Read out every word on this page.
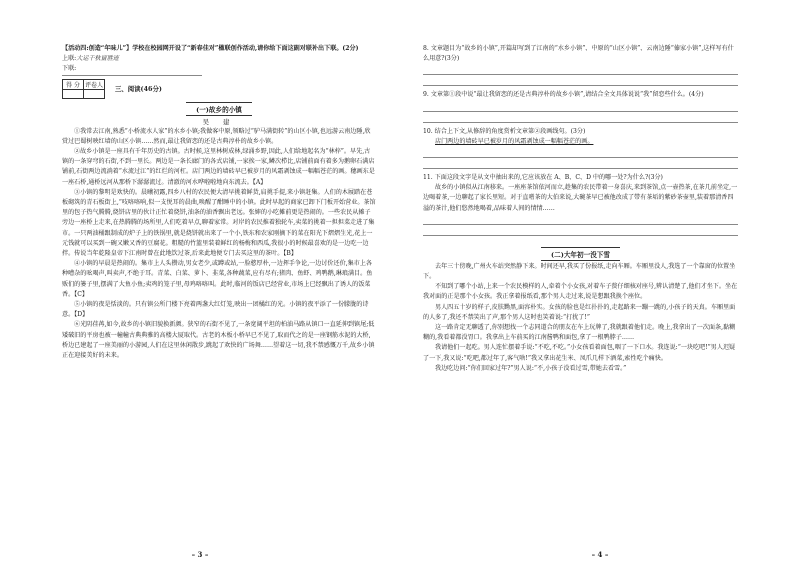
【活动四:创造“年味儿”】学校在校园网开设了“新春佳对”楹联创作活动,请你给下面这副对联补出下联。(2分)

上联:大运千秋留胜迹

下联:

得 分	评卷人
	三、阅读(46分)
(一)故乡的小镇
吴 建

①我常去江南,熟悉“小桥流水人家”的水乡小镇;我做客中原,领略过“驴马满街转”的山区小镇,也远游云南边陲,欣赏过巴蜀树映红墙的山区小镇……然而,最让我留恋的还是古典淳朴的故乡小镇。

②故乡小镇是一座具有千年历史的古镇。古时候,这里林树成林,绿涌乡野,因此,人们给地起名为“林梓”。早先,古镇的一条穿穹的石街,不到一里长。两边是一条长廊门的各式店铺,一家挨一家,鳞次栉比,店铺前面有着多为鹅卵石满店铺前,石街两边流淌着“水流过江”的红烂的河杠。店门两边的墙砖早已被岁月的风霜剥蚀成一幅幅苍茫的画。穗画东是一座石桥,通桥远河从那桥下潺潺流过。清澈的河水哗啦啦地向东流去。【A】

③小镇的黎明是欢快的。晨曦初露,四乡八村的农民便大清早挑着鲜货,肩挑手提,来小镇赶集。人们的木屐踏在苍板砌筑的青石板街上,“吱咯咯响,似一支悦耳的晨曲,唤醒了酣睡中的小镇。此时早起的商家已卸下门板开始营业。茶馆里的包子热气腾腾,烧饼店里的伙计正忙着烧饼,油条的油香飘出老远。张婶的小吃摊前更是热闹的。一些农民从摊子旁边一座桥上走来,在热腾腾的场所里,人们吃着早点,聊着家常。对岸的农民推着独轮车,卖菜的挑着一担担菜走进了集市。一只两油桶跟制成的炉子上的铁锅里,就是烧饼就出来了一个小,铁东和农家刚摘下的菜在阳光下熠熠生光,花上一元钱就可以买到一碗又嫩又香的豆腐花。粗糙的竹篮里装着鲜红的杨梅和西瓜,我很小的时候最喜欢的是一边吃一边拌。传说当年乾隆皇帝下江南时曾在此地饮过茶,后来此地便专门去买这里的茶叶。【B】

④小镇的早晨是热闹的。集市上人头攒动,男女老少,或蹲或站,一脸憨厚朴,一边挥手争论,一边讨价还价,集市上各种嘈杂的吆喝声,叫卖声,不绝于耳。青菜、白菜、萝卜、韭菜,各种蔬菜,应有尽有;猪肉、鱼虾、鸡鸭鹅,琳琅满目。鱼贩们的篓子里,摆满了大鱼小鱼;卖鸡的笼子里,母鸡咯咯叫。此时,临河的饭店已经营业,市场上已经飘出了诱人的饭菜香。【C】

⑤小镇的夜是恬淡的。只有镇公所门楼下亮着两盏大红灯笼,映出一团橘红的光。小镇的夜平添了一份朦胧的诗意。【D】

⑥光阴荏苒,如今,故乡的小镇旧貌换新颜。狭窄的石街不见了,一条宽阔平坦的柏油马路从镇口一直延伸到镇尾;低矮破旧的平房也被一幢幢古典典雅的高楼大厦取代。古老的木板小桥早已不见了,取而代之的是一座钢筋水泥的大桥,桥边已建起了一座美丽的小游园,人们在这里休闲散步,跳起了欢快的广场舞……望着这一切,我不禁感慨万千,故乡小镇正在迎接美好的未来。

– 3 –

8. 文章题目为“故乡的小镇”,开篇却写到了江南的“水乡小镇”、中原的“山区小镇”、云南边陲“傣家小镇”,这样写有什么用意?(3分)

9. 文章第①段中说“最让我留恋的还是古典淳朴的故乡小镇”,请结合全文具体说说“我”留恋些什么。(4分)

10. 结合上下文,从修辞的角度赏析文章第②段画线句。(3分)

店门两边的墙砖早已被岁月的风霜剥蚀成一幅幅苍茫的画。

11. 下面这段文字是从文中抽出来的,它应该放在 A、B、C、D 中的哪一处?为什么?(3分)

故乡的小镇似从江南移来。一座座茶馆依河而立,趁集的农民带着一身喜庆,来到茶馆,点一壶热茶,在茶几前坐定,一边喝着茶,一边聊起了家长里短。对于直嗜茶的大伯来说,大碗茶早已被他改成了带有茶垢的紫砂茶壶里,装着那清香四溢的茶汁,他们悠然地喝着,品味着人间的情情……

(二)大年初一没下雪

去年三十傍晚,广州火车站突然静下来。时间还早,我买了份报纸,走向车厢。车厢里没人,我选了一个靠窗的位置坐下。

不知到了哪个小站,上来一个农民模样的人,牵着个小女孩,对着车子赘仔细核对座号,辨认清楚了,他们才坐下。坐在我对面的正是那个小女孩。我正拿着报纸看,那个男人走过来,说是想跟我换个座位。

男人四五十岁的样子,皮肤黝黑,面容朴实。女孩的脸也是红扑扑的,走起路来一蹦一跳的,小孩子的天真。车厢里面的人多了,我还不禁笑出了声,那个男人这时也笑着说:“打扰了!”

这一路肯定无聊透了,你别想找一个志同道合的朋友在车上玩牌了,我就跟着他们走。晚上,我拿出了一次面条,黏糊糊的,我看着都没胃口。我拿出上车前买的江南酱鸭和面包,拿了一根鸭脖子……

我请他们一起吃。男人连忙摆着手说:“不吃,不吃。”小女孩看着面包,咽了一下口水。我连说:“一块吃吧!”男人迟疑了一下,我又说:“吃吧,都过年了,客气啥!”我又拿出花生米、凤爪几样下酒菜,索性吃个痛快。

我边吃边问:“你们回家过年?”男人说:“不,小孩子没看过雪,带她去看雪。”

– 4 –
